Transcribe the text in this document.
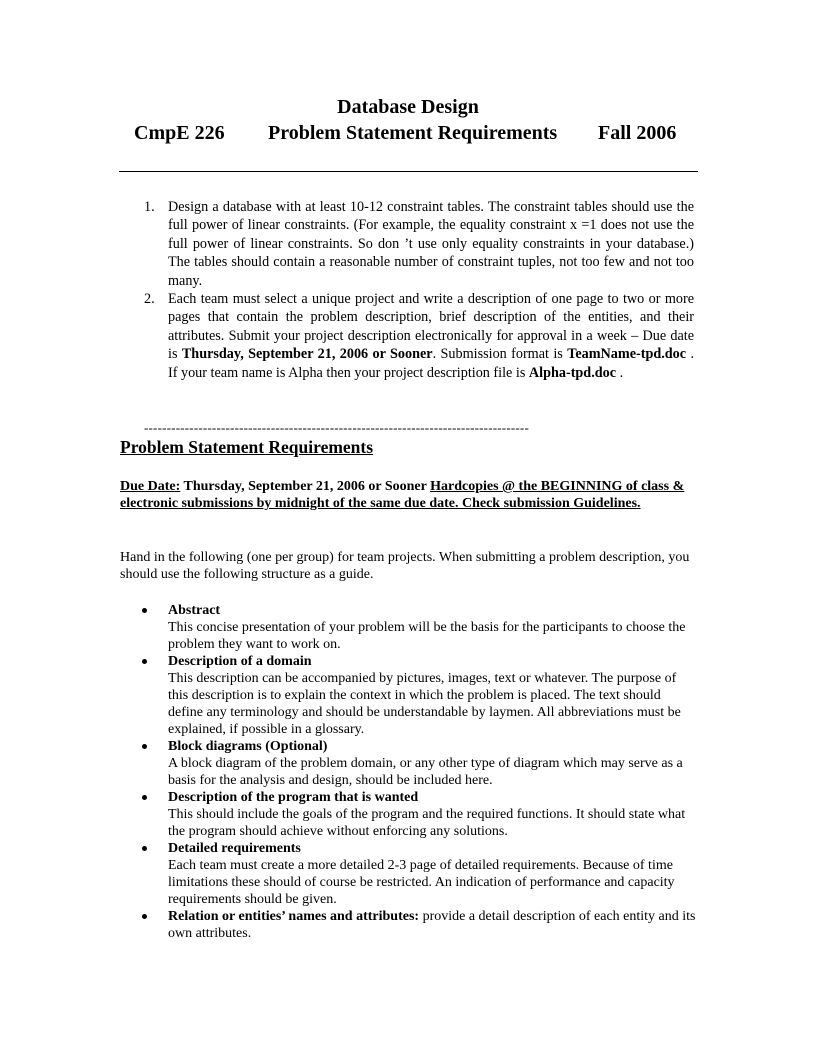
Database Design
CmpE 226 Problem Statement Requirements Fall 2006
1. Design a database with at least 10-12 constraint tables. The constraint tables should use the full power of linear constraints. (For example, the equality constraint x =1 does not use the full power of linear constraints. So don ’t use only equality constraints in your database.) The tables should contain a reasonable number of constraint tuples, not too few and not too many.
2. Each team must select a unique project and write a description of one page to two or more pages that contain the problem description, brief description of the entities, and their attributes. Submit your project description electronically for approval in a week – Due date is Thursday, September 21, 2006 or Sooner. Submission format is TeamName-tpd.doc . If your team name is Alpha then your project description file is Alpha-tpd.doc .
-------------------------------------------------------------------------------------
Problem Statement Requirements
Due Date: Thursday, September 21, 2006 or Sooner Hardcopies @ the BEGINNING of class & electronic submissions by midnight of the same due date. Check submission Guidelines.
Hand in the following (one per group) for team projects. When submitting a problem description, you should use the following structure as a guide.
Abstract
This concise presentation of your problem will be the basis for the participants to choose the problem they want to work on.
Description of a domain
This description can be accompanied by pictures, images, text or whatever. The purpose of this description is to explain the context in which the problem is placed. The text should define any terminology and should be understandable by laymen. All abbreviations must be explained, if possible in a glossary.
Block diagrams (Optional)
A block diagram of the problem domain, or any other type of diagram which may serve as a basis for the analysis and design, should be included here.
Description of the program that is wanted
This should include the goals of the program and the required functions. It should state what the program should achieve without enforcing any solutions.
Detailed requirements
Each team must create a more detailed 2-3 page of detailed requirements. Because of time limitations these should of course be restricted. An indication of performance and capacity requirements should be given.
Relation or entities’ names and attributes: provide a detail description of each entity and its own attributes.
